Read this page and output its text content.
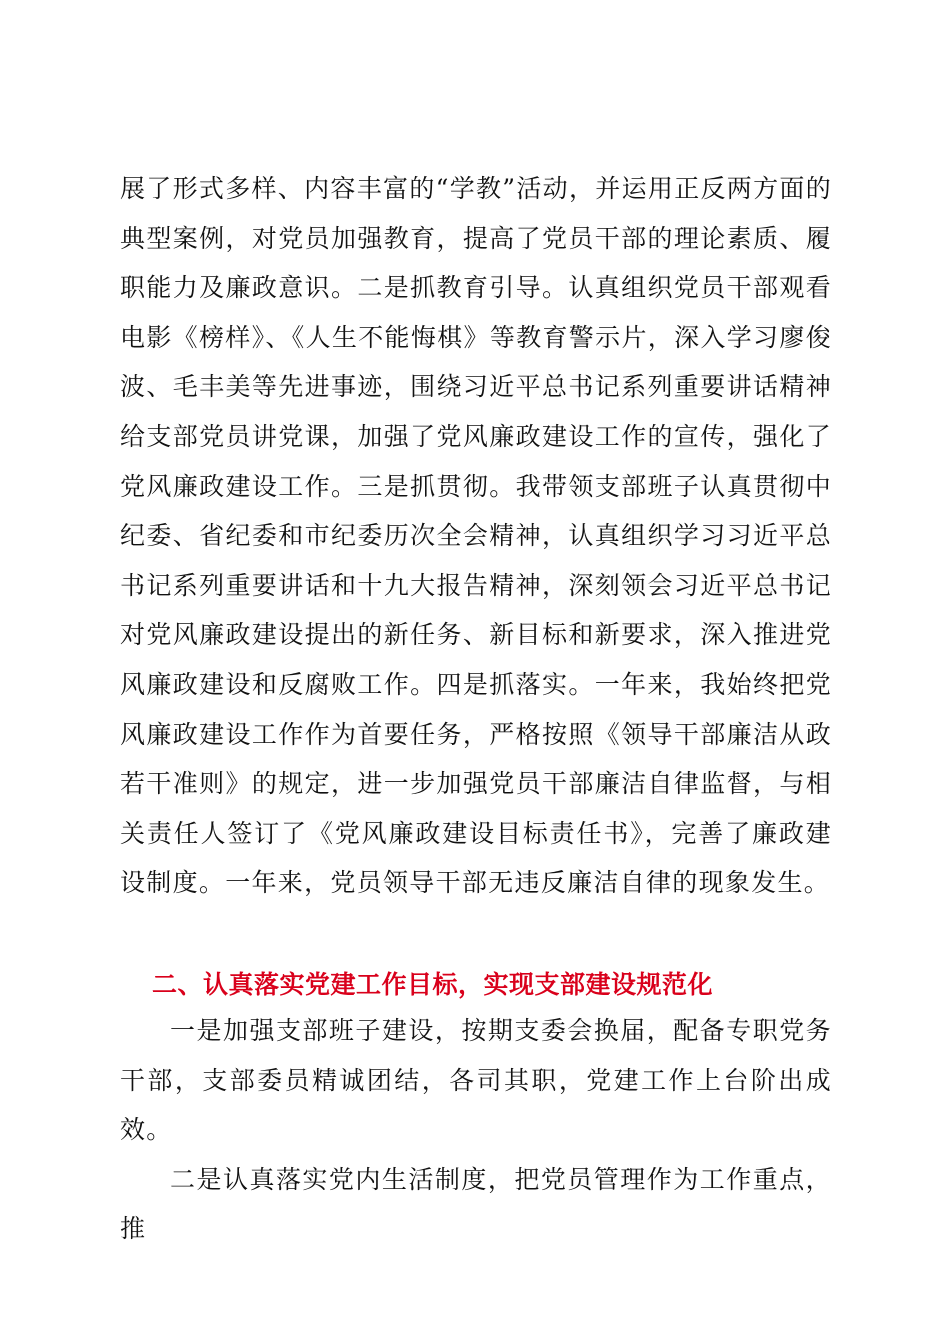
展了形式多样、内容丰富的“学教”活动，并运用正反两方面的典型案例，对党员加强教育，提高了党员干部的理论素质、履职能力及廉政意识。二是抓教育引导。认真组织党员干部观看电影《榜样》、《人生不能悔棋》等教育警示片，深入学习廖俊波、毛丰美等先进事迹，围绕习近平总书记系列重要讲话精神给支部党员讲党课，加强了党风廉政建设工作的宣传，强化了党风廉政建设工作。三是抓贯彻。我带领支部班子认真贯彻中纪委、省纪委和市纪委历次全会精神，认真组织学习习近平总书记系列重要讲话和十九大报告精神，深刻领会习近平总书记对党风廉政建设提出的新任务、新目标和新要求，深入推进党风廉政建设和反腐败工作。四是抓落实。一年来，我始终把党风廉政建设工作作为首要任务，严格按照《领导干部廉洁从政若干准则》的规定，进一步加强党员干部廉洁自律监督，与相关责任人签订了《党风廉政建设目标责任书》，完善了廉政建设制度。一年来，党员领导干部无违反廉洁自律的现象发生。

二、认真落实党建工作目标，实现支部建设规范化

一是加强支部班子建设，按期支委会换届，配备专职党务干部，支部委员精诚团结，各司其职，党建工作上台阶出成效。

二是认真落实党内生活制度，把党员管理作为工作重点，推
